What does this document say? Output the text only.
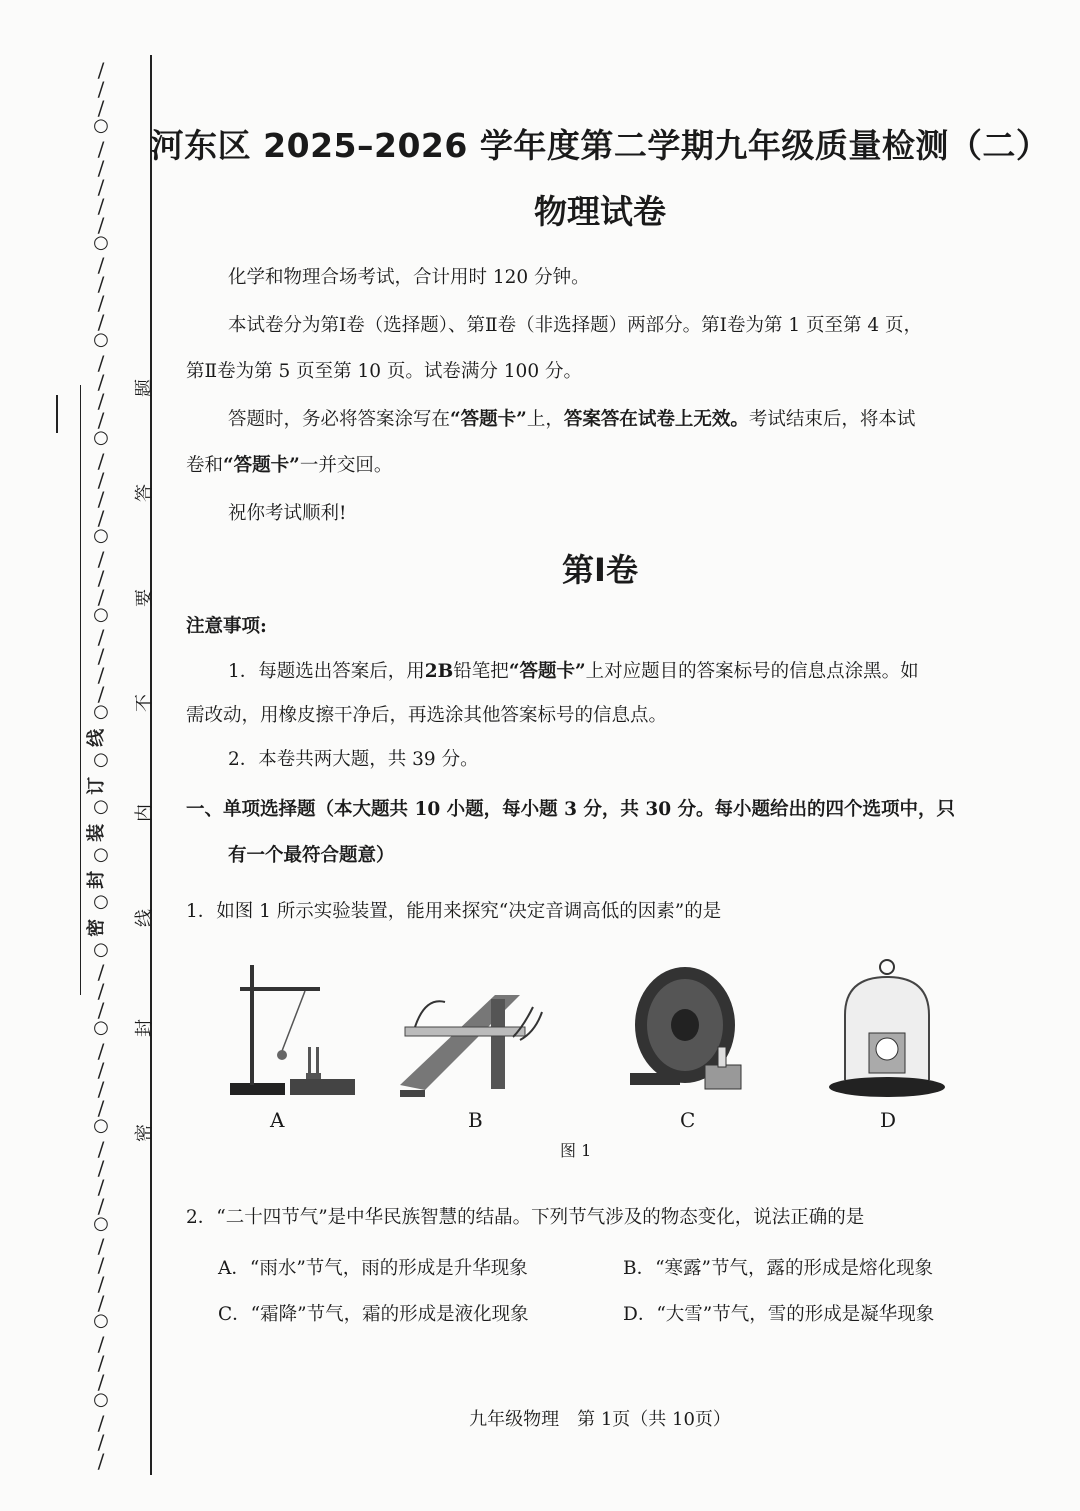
/
/
/
○
/
/
/
/
/
○
/
/
/
/
○
/
/
/
/
○
/
/
/
/
○
/
/
/
○
/
/
/
/
○
线
○
订
○
装
○
封
○
密
○
/
/
/
○
/
/
/
/
○
/
/
/
/
○
/
/
/
/
○
/
/
/
○
/
/
/
密
封
线
内
不
要
答
题
河东区 2025–2026 学年度第二学期九年级质量检测（二）
物理试卷
化学和物理合场考试，合计用时 120 分钟。
本试卷分为第Ⅰ卷（选择题）、第Ⅱ卷（非选择题）两部分。第Ⅰ卷为第 1 页至第 4 页，
第Ⅱ卷为第 5 页至第 10 页。试卷满分 100 分。
答题时，务必将答案涂写在“答题卡”上，答案答在试卷上无效。考试结束后，将本试
卷和“答题卡”一并交回。
祝你考试顺利!
第Ⅰ卷
注意事项:
1．每题选出答案后，用2B铅笔把“答题卡”上对应题目的答案标号的信息点涂黑。如
需改动，用橡皮擦干净后，再选涂其他答案标号的信息点。
2．本卷共两大题，共 39 分。
一、单项选择题（本大题共 10 小题，每小题 3 分，共 30 分。每小题给出的四个选项中，只
有一个最符合题意）
1．如图 1 所示实验装置，能用来探究“决定音调高低的因素”的是
A	B	C	D
图 1
2．“二十四节气”是中华民族智慧的结晶。下列节气涉及的物态变化，说法正确的是
A．“雨水”节气，雨的形成是升华现象	B．“寒露”节气，露的形成是熔化现象
C．“霜降”节气，霜的形成是液化现象	D．“大雪”节气，雪的形成是凝华现象
九年级物理　第 1页（共 10页）
